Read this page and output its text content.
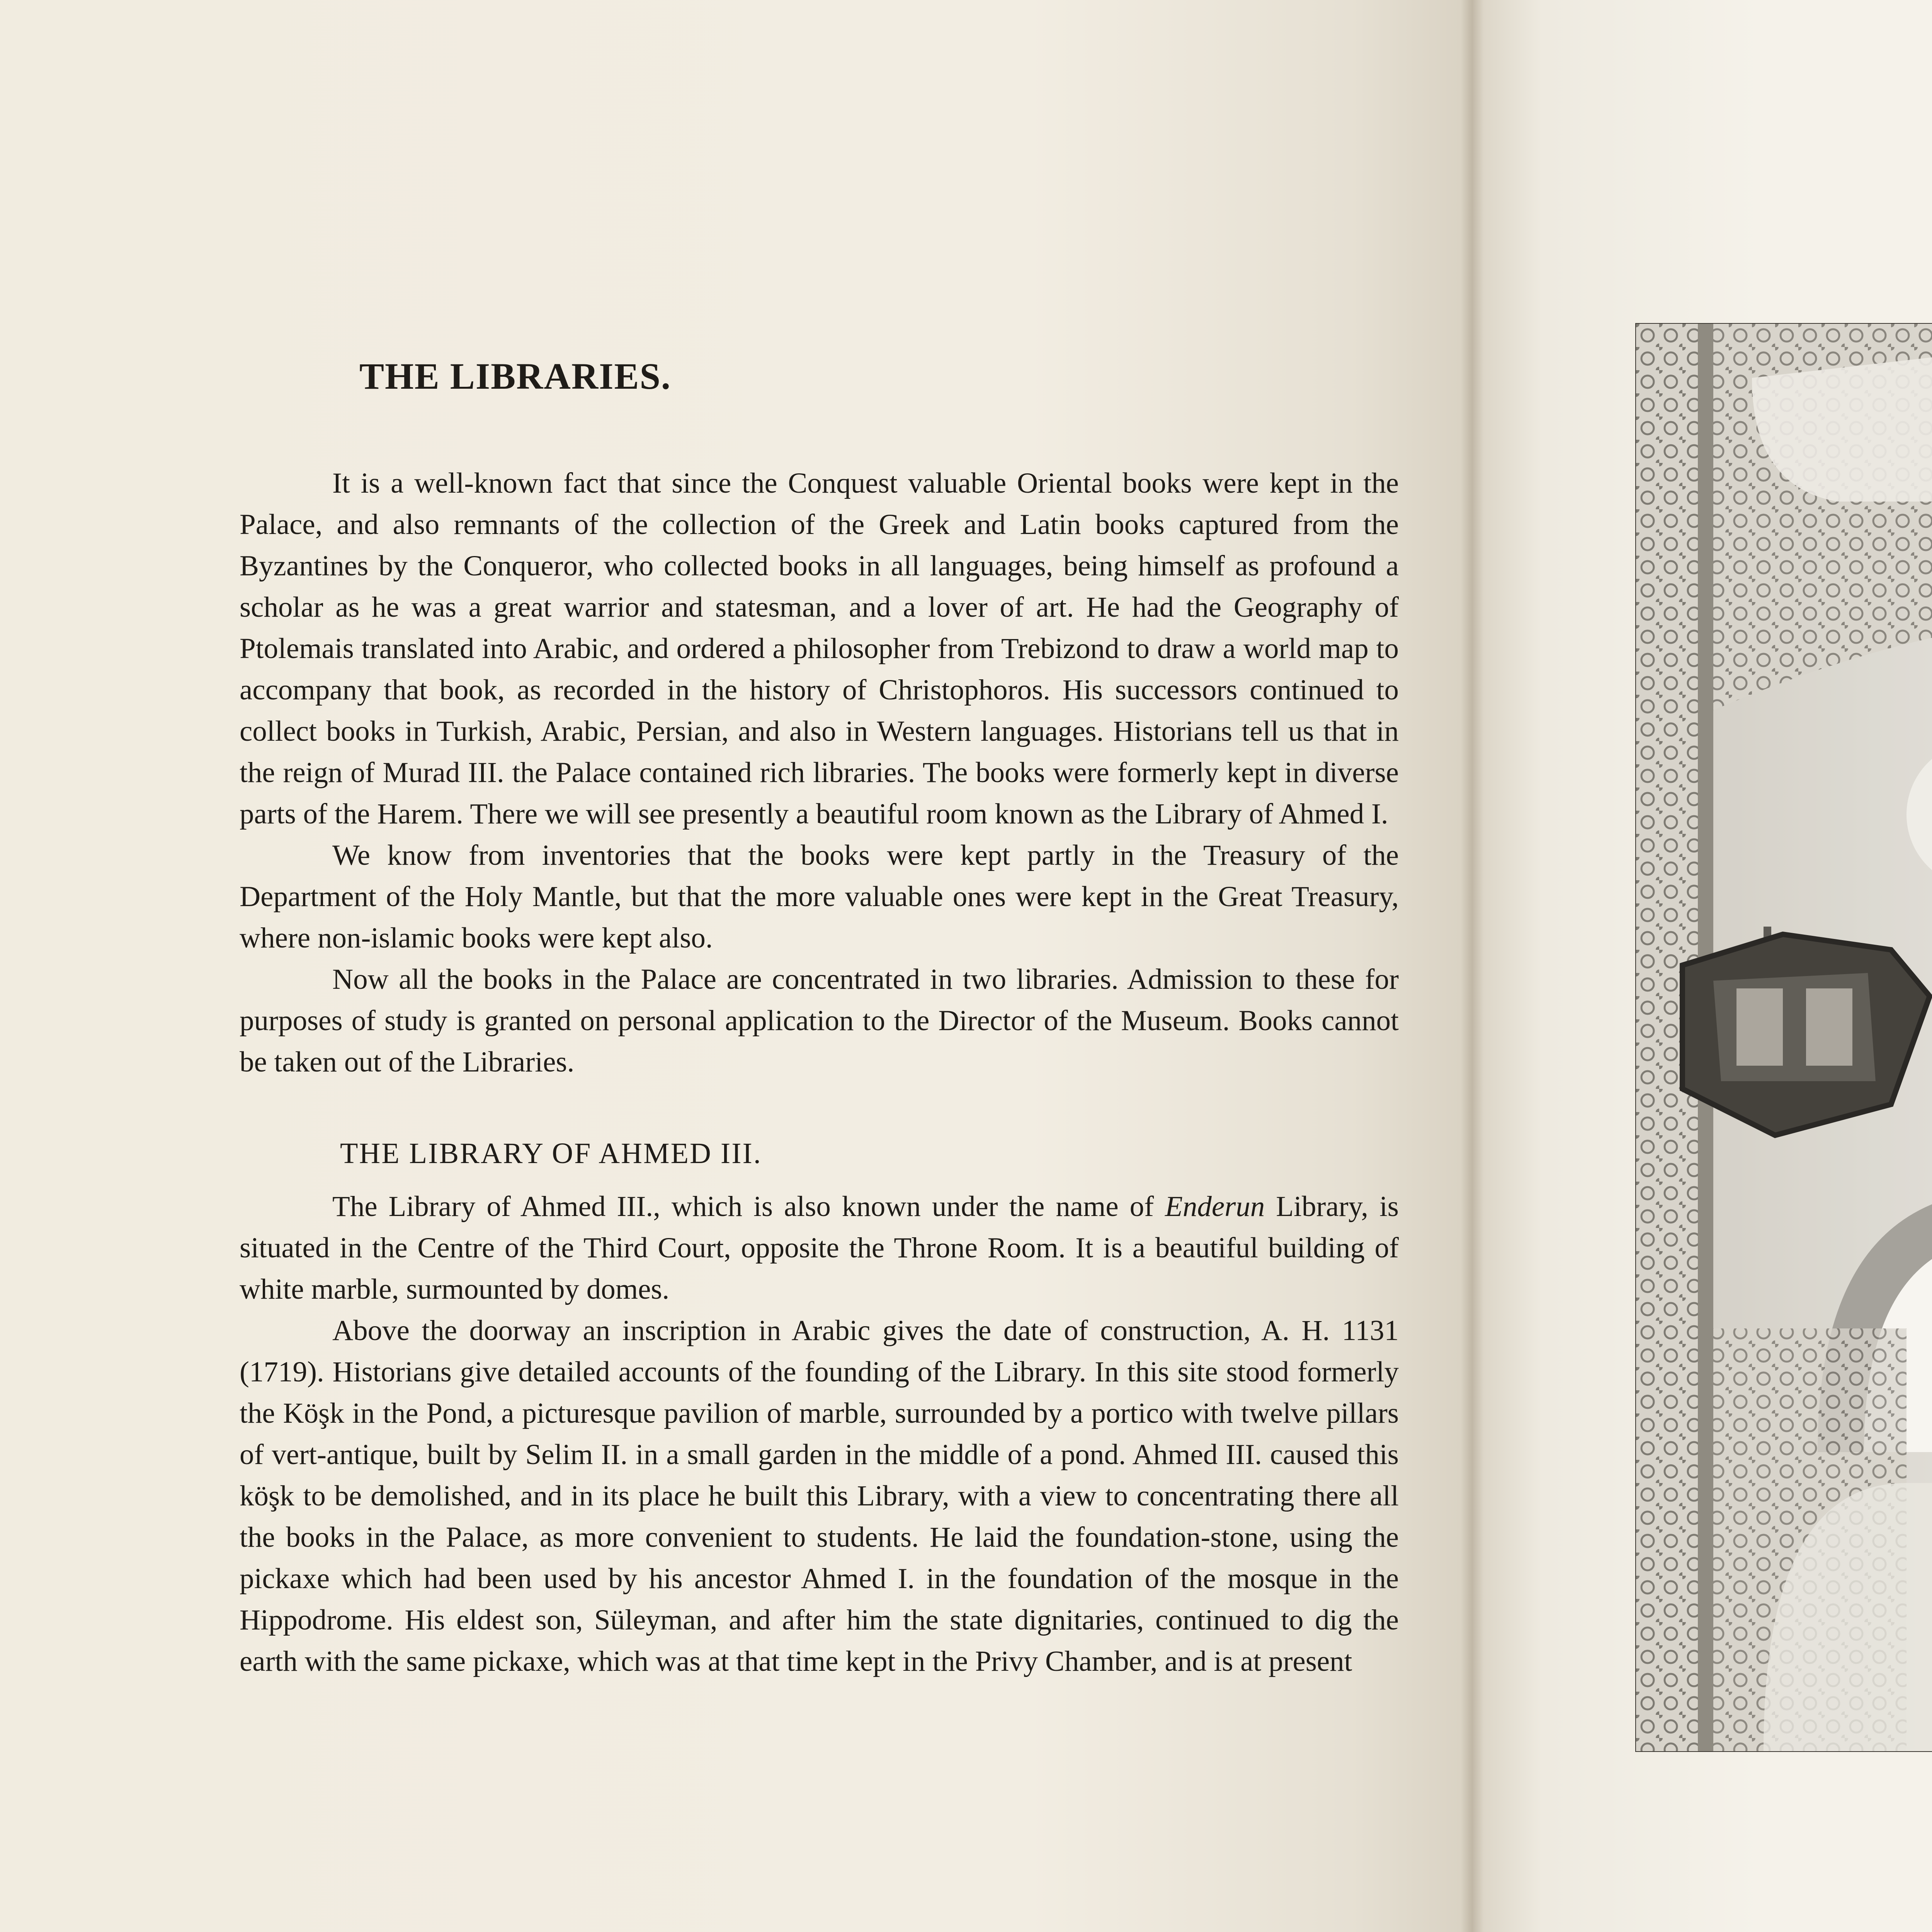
THE LIBRARIES.

It is a well-known fact that since the Conquest valuable Oriental books were kept in the Palace, and also remnants of the collection of the Greek and Latin books captured from the Byzantines by the Conqueror, who collected books in all languages, being himself as profound a scholar as he was a great warrior and statesman, and a lover of art. He had the Geography of Ptolemais translated into Arabic, and ordered a philosopher from Trebizond to draw a world map to accompany that book, as recorded in the history of Christophoros. His successors continued to collect books in Turkish, Arabic, Persian, and also in Western languages. Historians tell us that in the reign of Murad III. the Palace contained rich libraries. The books were formerly kept in diverse parts of the Harem. There we will see presently a beautiful room known as the Library of Ahmed I.

We know from inventories that the books were kept partly in the Treasury of the Department of the Holy Mantle, but that the more valuable ones were kept in the Great Treasury, where non-islamic books were kept also.

Now all the books in the Palace are concentrated in two libraries. Admission to these for purposes of study is granted on personal application to the Director of the Museum. Books cannot be taken out of the Libraries.

THE LIBRARY OF AHMED III.

The Library of Ahmed III., which is also known under the name of Enderun Library, is situated in the Centre of the Third Court, opposite the Throne Room. It is a beautiful building of white marble, surmounted by domes.

Above the doorway an inscription in Arabic gives the date of construction, A. H. 1131 (1719). Historians give detailed accounts of the founding of the Library. In this site stood formerly the Köşk in the Pond, a picturesque pavilion of marble, surrounded by a portico with twelve pillars of vert-antique, built by Selim II. in a small garden in the middle of a pond. Ahmed III. caused this köşk to be demolished, and in its place he built this Library, with a view to concentrating there all the books in the Palace, as more convenient to students. He laid the foundation-stone, using the pickaxe which had been used by his ancestor Ahmed I. in the foundation of the mosque in the Hippodrome. His eldest son, Süleyman, and after him the state dignitaries, continued to dig the earth with the same pickaxe, which was at that time kept in the Privy Chamber, and is at present
